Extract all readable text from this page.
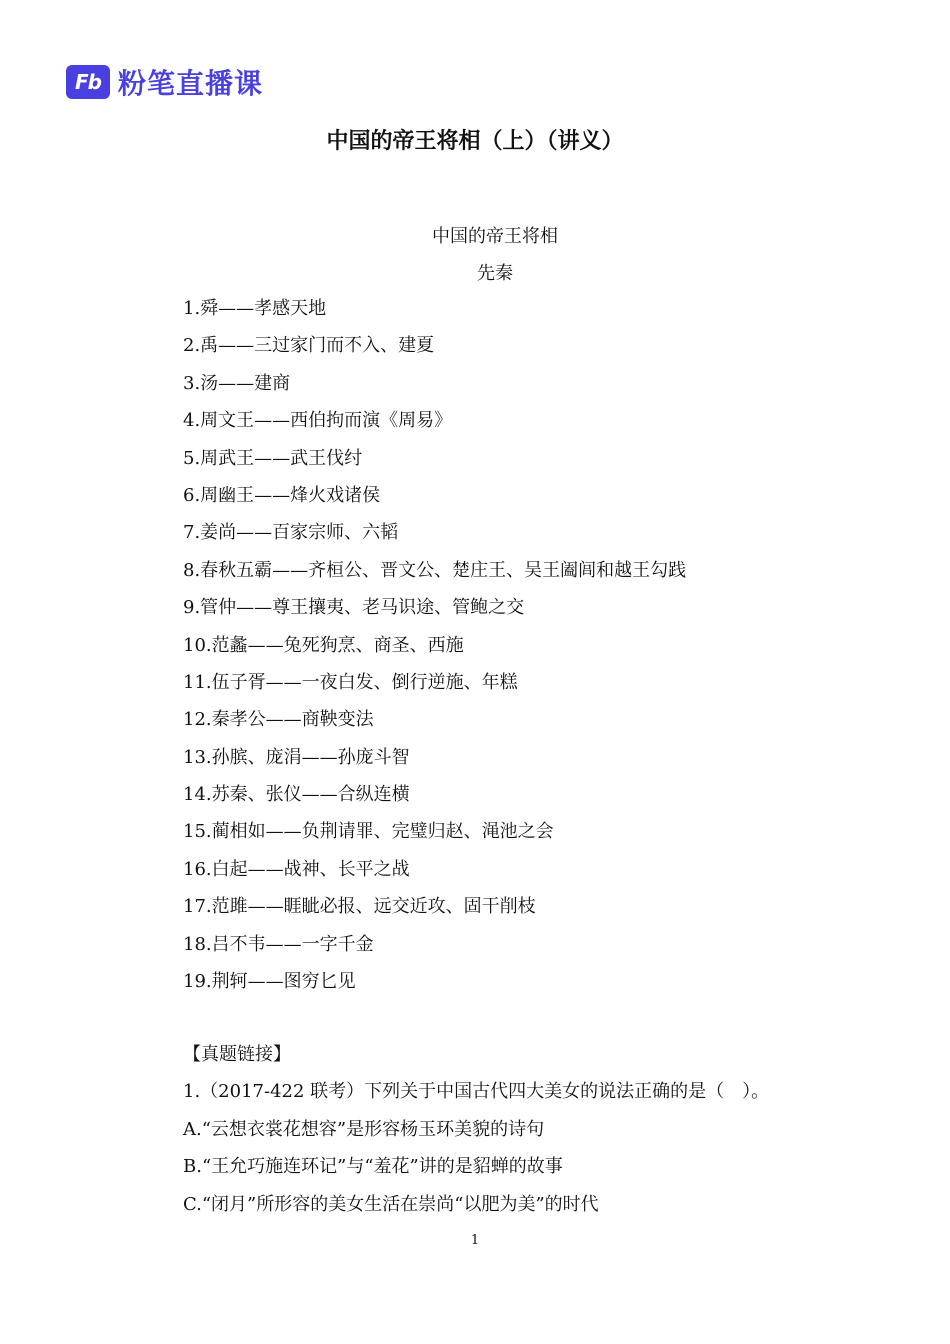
Fb 粉笔直播课
中国的帝王将相（上）（讲义）
中国的帝王将相
先秦
1.舜——孝感天地
2.禹——三过家门而不入、建夏
3.汤——建商
4.周文王——西伯拘而演《周易》
5.周武王——武王伐纣
6.周幽王——烽火戏诸侯
7.姜尚——百家宗师、六韬
8.春秋五霸——齐桓公、晋文公、楚庄王、吴王阖闾和越王勾践
9.管仲——尊王攘夷、老马识途、管鲍之交
10.范蠡——兔死狗烹、商圣、西施
11.伍子胥——一夜白发、倒行逆施、年糕
12.秦孝公——商鞅变法
13.孙膑、庞涓——孙庞斗智
14.苏秦、张仪——合纵连横
15.蔺相如——负荆请罪、完璧归赵、渑池之会
16.白起——战神、长平之战
17.范雎——睚眦必报、远交近攻、固干削枝
18.吕不韦——一字千金
19.荆轲——图穷匕见
【真题链接】
1.（2017-422 联考）下列关于中国古代四大美女的说法正确的是（　）。
A.“云想衣裳花想容”是形容杨玉环美貌的诗句
B.“王允巧施连环记”与“羞花”讲的是貂蝉的故事
C.“闭月”所形容的美女生活在崇尚“以肥为美”的时代
1
